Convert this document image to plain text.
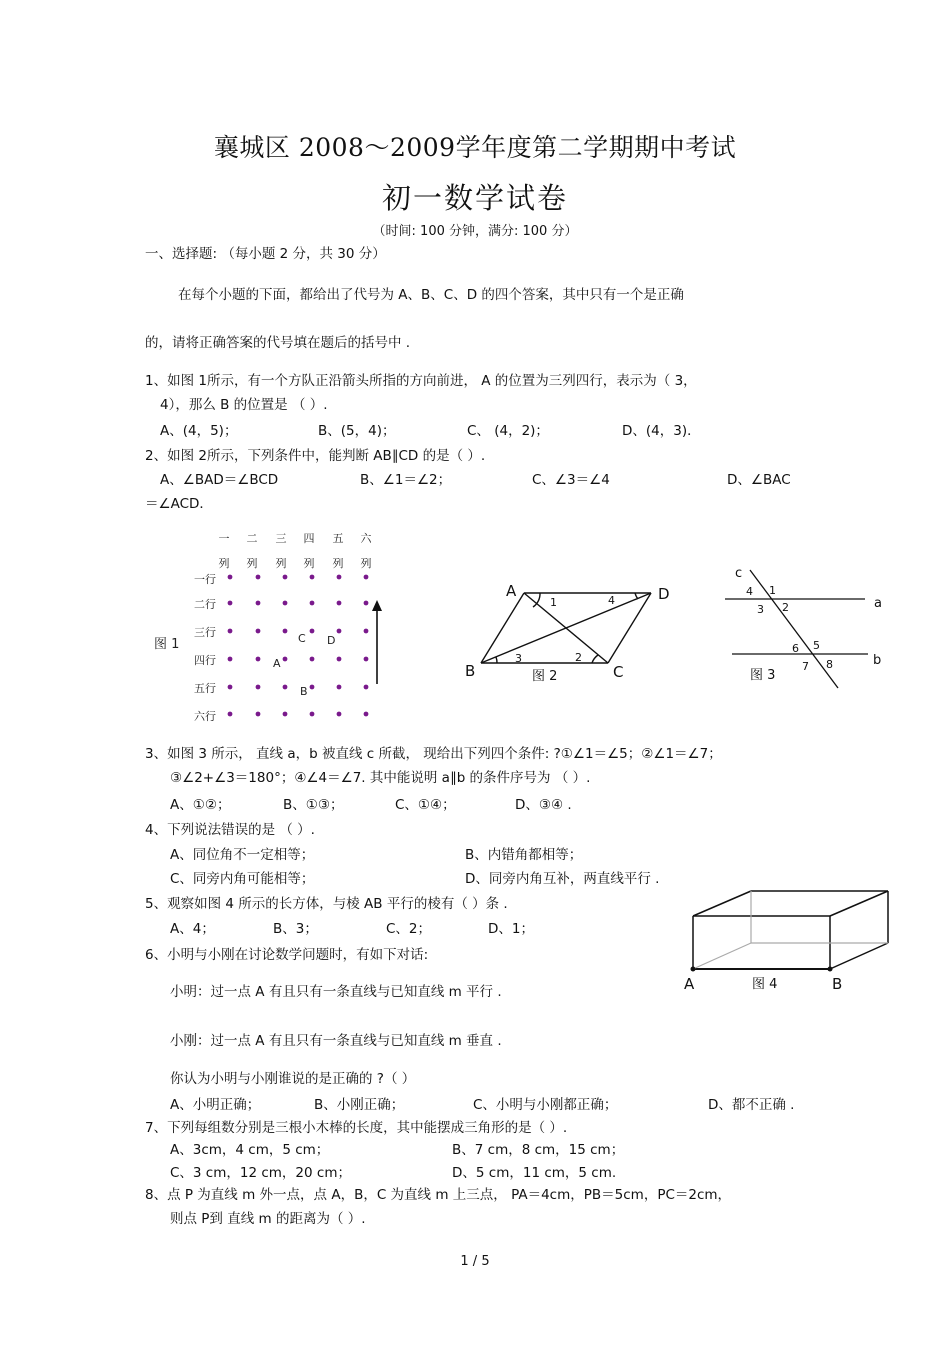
襄城区 2008～2009学年度第二学期期中考试
初一数学试卷
（时间: 100 分钟，满分: 100 分）
一、选择题: （每小题 2 分，共 30 分）
在每个小题的下面，都给出了代号为 A、B、C、D 的四个答案，其中只有一个是正确
的，请将正确答案的代号填在题后的括号中 .
1、如图 1所示，有一个方队正沿箭头所指的方向前进， A 的位置为三列四行，表示为（ 3，
4），那么 B 的位置是 （ ）.
A、(4，5)；	B、(5，4)；	C、 (4，2)；	D、(4，3)．
2、如图 2所示，下列条件中，能判断 AB∥CD 的是（ ）.
A、∠BAD＝∠BCD	B、∠1＝∠2；	C、∠3＝∠4	D、∠BAC
＝∠ACD．
一 二 三 四 五 六
列 列 列 列 列 列
一行
二行
三行
四行
五行
六行
图 1	C D
A
B
A	D
B	C
1	4
3	2
图 2
c
a
b
1
2
3
4
5
6
7 8
图 3
3、如图 3 所示， 直线 a，b 被直线 c 所截， 现给出下列四个条件: ?①∠1＝∠5；②∠1＝∠7；
③∠2+∠3＝180°；④∠4＝∠7. 其中能说明 a∥b 的条件序号为 （ ）.
A、①②；	B、①③；	C、①④；	D、③④ .
4、下列说法错误的是 （ ）.
A、同位角不一定相等；	B、内错角都相等；
C、同旁内角可能相等；	D、同旁内角互补，两直线平行 .
5、观察如图 4 所示的长方体，与棱 AB 平行的棱有（ ）条 .
A、4；	B、3；	C、2；	D、1；
A	B
图 4
6、小明与小刚在讨论数学问题时，有如下对话:
小明：过一点 A 有且只有一条直线与已知直线 m 平行 .
小刚：过一点 A 有且只有一条直线与已知直线 m 垂直 .
你认为小明与小刚谁说的是正确的 ?（ ）
A、小明正确；	B、小刚正确；	C、小明与小刚都正确；	D、都不正确 .
7、下列每组数分别是三根小木棒的长度，其中能摆成三角形的是（ ）.
A、3cm，4 cm，5 cm；	B、7 cm，8 cm，15 cm；
C、3 cm，12 cm，20 cm；	D、5 cm，11 cm，5 cm.
8、点 P 为直线 m 外一点，点 A，B，C 为直线 m 上三点， PA＝4cm，PB＝5cm，PC＝2cm，
则点 P到 直线 m 的距离为（ ）.
1 / 5
